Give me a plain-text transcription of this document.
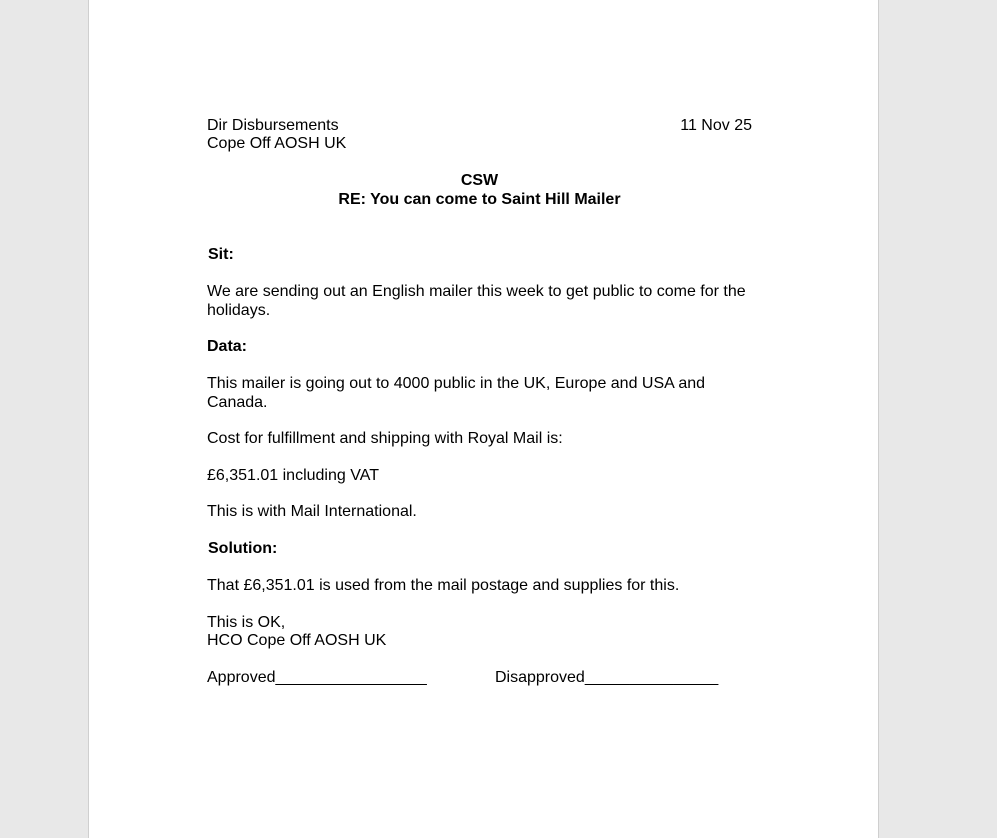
Dir Disbursements
Cope Off AOSH UK
11 Nov 25
CSW
RE: You can come to Saint Hill Mailer
Sit:
We are sending out an English mailer this week to get public to come for the holidays.
Data:
This mailer is going out to 4000 public in the UK, Europe and USA and Canada.
Cost for fulfillment and shipping with Royal Mail is:
£6,351.01 including VAT
This is with Mail International.
Solution:
That £6,351.01 is used from the mail postage and supplies for this.
This is OK,
HCO Cope Off AOSH UK
Approved_________________	Disapproved_______________
